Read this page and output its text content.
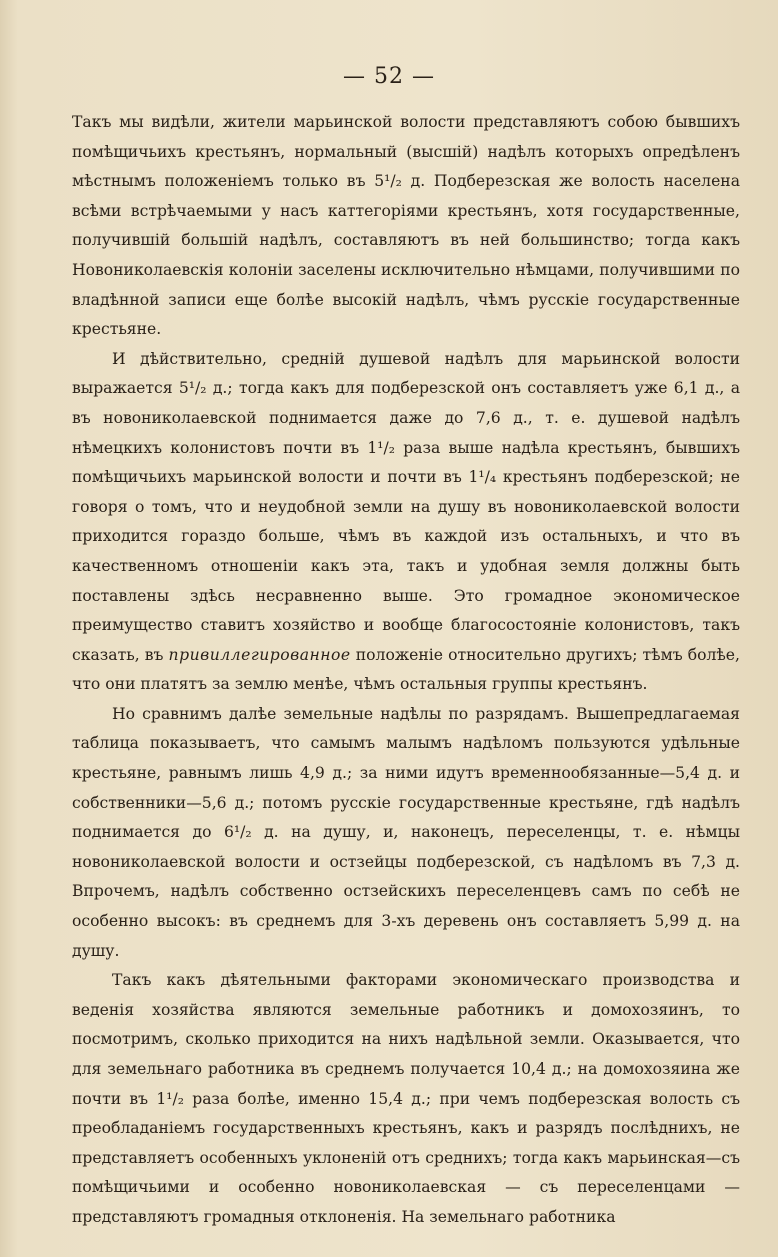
— 52 —

Такъ мы видѣли, жители марьинской волости представляютъ собою бывшихъ помѣщичьихъ крестьянъ, нормальный (высшій) надѣлъ которыхъ опредѣленъ мѣстнымъ положеніемъ только въ 5¹/₂ д. Подберезская же волость населена всѣми встрѣчаемыми у насъ каттегоріями крестьянъ, хотя государственные, получившій большій надѣлъ, составляютъ въ ней большинство; тогда какъ Новониколаевскія колоніи заселены исключительно нѣмцами, получившими по владѣнной записи еще болѣе высокій надѣлъ, чѣмъ русскіе государственные крестьяне.

И дѣйствительно, средній душевой надѣлъ для марьинской волости выражается 5¹/₂ д.; тогда какъ для подберезской онъ составляетъ уже 6,1 д., а въ новониколаевской поднимается даже до 7,6 д., т. е. душевой надѣлъ нѣмецкихъ колонистовъ почти въ 1¹/₂ раза выше надѣла крестьянъ, бывшихъ помѣщичьихъ марьинской волости и почти въ 1¹/₄ крестьянъ подберезской; не говоря о томъ, что и неудобной земли на душу въ новониколаевской волости приходится гораздо больше, чѣмъ въ каждой изъ остальныхъ, и что въ качественномъ отношеніи какъ эта, такъ и удобная земля должны быть поставлены здѣсь несравненно выше. Это громадное экономическое преимущество ставитъ хозяйство и вообще благосостояніе колонистовъ, такъ сказать, въ привиллегированное положеніе относительно другихъ; тѣмъ болѣе, что они платятъ за землю менѣе, чѣмъ остальныя группы крестьянъ.

Но сравнимъ далѣе земельные надѣлы по разрядамъ. Вышепредлагаемая таблица показываетъ, что самымъ малымъ надѣломъ пользуются удѣльные крестьяне, равнымъ лишь 4,9 д.; за ними идутъ временнообязанные—5,4 д. и собственники—5,6 д.; потомъ русскіе государственные крестьяне, гдѣ надѣлъ поднимается до 6¹/₂ д. на душу, и, наконецъ, переселенцы, т. е. нѣмцы новониколаевской волости и остзейцы подберезской, съ надѣломъ въ 7,3 д. Впрочемъ, надѣлъ собственно остзейскихъ переселенцевъ самъ по себѣ не особенно высокъ: въ среднемъ для 3-хъ деревень онъ составляетъ 5,99 д. на душу.

Такъ какъ дѣятельными факторами экономическаго производства и веденія хозяйства являются земельные работникъ и домохозяинъ, то посмотримъ, сколько приходится на нихъ надѣльной земли. Оказывается, что для земельнаго работника въ среднемъ получается 10,4 д.; на домохозяина же почти въ 1¹/₂ раза болѣе, именно 15,4 д.; при чемъ подберезская волость съ преобладаніемъ государственныхъ крестьянъ, какъ и разрядъ послѣднихъ, не представляетъ особенныхъ уклоненій отъ среднихъ; тогда какъ марьинская—съ помѣщичьими и особенно новониколаевская — съ переселенцами — представляютъ громадныя отклоненія. На земельнаго работника
